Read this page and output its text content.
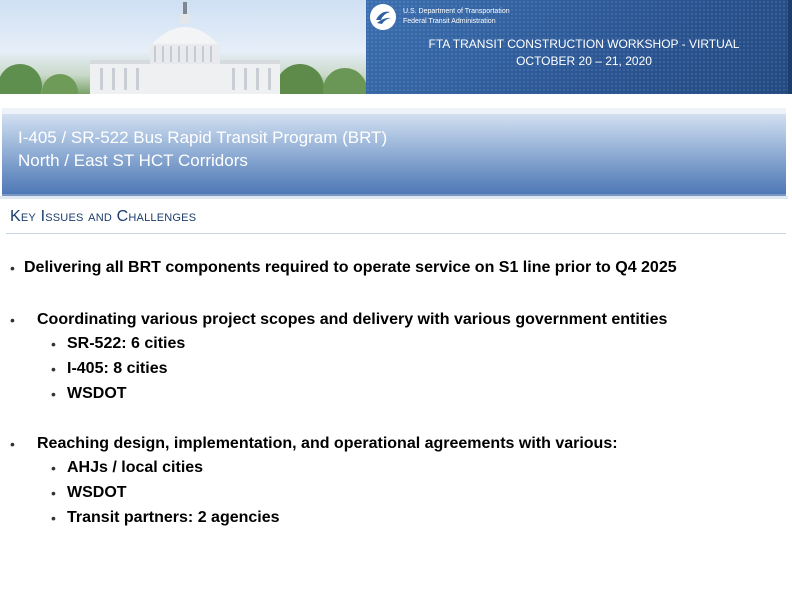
U.S. Department of Transportation
Federal Transit Administration
FTA TRANSIT CONSTRUCTION WORKSHOP - VIRTUAL
OCTOBER 20 – 21, 2020
I-405 / SR-522 Bus Rapid Transit Program (BRT)
North / East ST HCT Corridors
Key Issues and Challenges
• Delivering all BRT components required to operate service on S1 line prior to Q4 2025
• Coordinating various project scopes and delivery with various government entities
• SR-522: 6 cities
• I-405: 8 cities
• WSDOT
• Reaching design, implementation, and operational agreements with various:
• AHJs / local cities
• WSDOT
• Transit partners: 2 agencies
